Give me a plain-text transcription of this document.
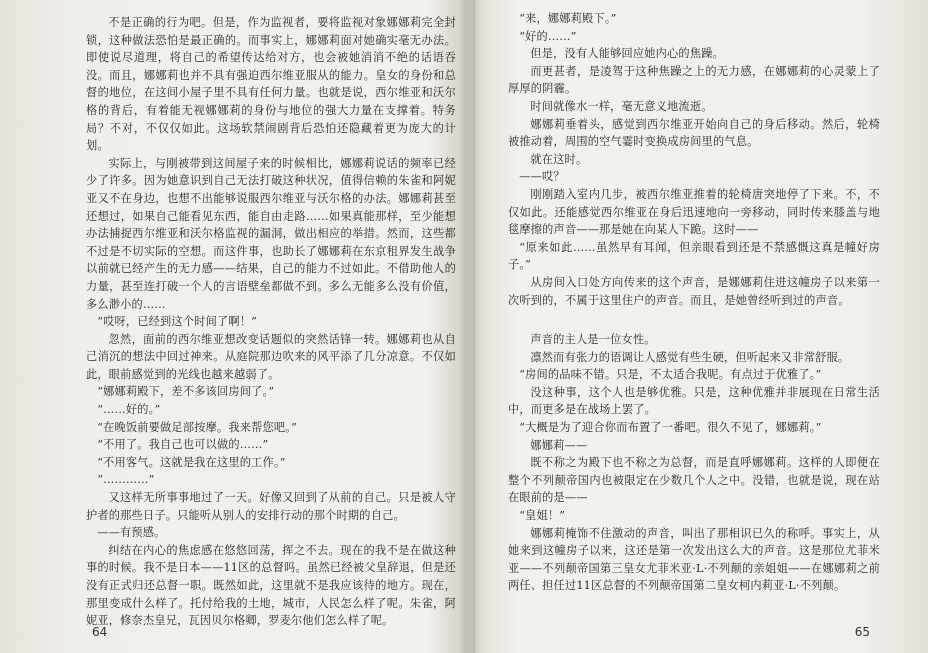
不是正确的行为吧。但是，作为监视者，要将监视对象娜娜莉完全封锁，这种做法恐怕是最正确的。而事实上，娜娜莉面对她确实毫无办法。即使说尽道理，将自己的希望传达给对方，也会被她消消不绝的话语吞没。而且，娜娜莉也并不具有强迫西尔维亚服从的能力。皇女的身份和总督的地位，在这间小屋子里不具有任何力量。也就是说，西尔维亚和沃尔格的背后，有着能无视娜娜莉的身份与地位的强大力量在支撑着。特务局？不对，不仅仅如此。这场软禁闹剧背后恐怕还隐藏着更为庞大的计划。

实际上，与刚被带到这间屋子来的时候相比，娜娜莉说话的频率已经少了许多。因为她意识到自己无法打破这种状况，值得信赖的朱雀和阿妮亚又不在身边，也想不出能够说服西尔维亚与沃尔格的办法。娜娜莉甚至还想过，如果自己能看见东西，能自由走路……如果真能那样，至少能想办法捕捉西尔维亚和沃尔格监视的漏洞，做出相应的举措。然而，这些都不过是不切实际的空想。而这件事，也助长了娜娜莉在东京租界发生战争以前就已经产生的无力感——结果，自己的能力不过如此。不借助他人的力量，甚至连打破一个人的言语壁垒都做不到。多么无能多么没有价值，多么渺小的……

“哎呀，已经到这个时间了啊！”

忽然，面前的西尔维亚想改变话题似的突然话锋一转。娜娜莉也从自己消沉的想法中回过神来。从庭院那边吹来的风平添了几分凉意。不仅如此，眼前感觉到的光线也越来越弱了。

“娜娜莉殿下，差不多该回房间了。”

“……好的。”

“在晚饭前要做足部按摩。我来帮您吧。”

“不用了。我自己也可以做的……”

“不用客气。这就是我在这里的工作。”

“…………”

又这样无所事事地过了一天。好像又回到了从前的自己。只是被人守护者的那些日子。只能听从别人的安排行动的那个时期的自己。

——有预感。

纠结在内心的焦虑感在悠悠回荡，挥之不去。现在的我不是在做这种事的时候。我不是日本——11区的总督吗。虽然已经被父皇辞退，但是还没有正式归还总督一职。既然如此，这里就不是我应该待的地方。现在，那里变成什么样了。托付给我的土地，城市，人民怎么样了呢。朱雀，阿妮亚，修奈杰皇兄，瓦因贝尔格卿，罗麦尔他们怎么样了呢。

64

“来，娜娜莉殿下。”

“好的……”

但是，没有人能够回应她内心的焦躁。

而更甚者，是凌驾于这种焦躁之上的无力感，在娜娜莉的心灵蒙上了厚厚的阴霾。

时间就像水一样，毫无意义地流逝。

娜娜莉垂着头，感觉到西尔维亚开始向自己的身后移动。然后，轮椅被推动着，周围的空气霎时变换成房间里的气息。

就在这时。

——哎？

刚刚踏入室内几步，被西尔维亚推着的轮椅唐突地停了下来。不，不仅如此。还能感觉西尔维亚在身后迅速地向一旁移动，同时传来膝盖与地毯摩擦的声音——那是她在向某人下跪。这时——

“原来如此……虽然早有耳闻，但亲眼看到还是不禁感慨这真是幢好房子。”

从房间入口处方向传来的这个声音，是娜娜莉住进这幢房子以来第一次听到的，不属于这里住户的声音。而且，是她曾经听到过的声音。

声音的主人是一位女性。

凛然而有张力的语调让人感觉有些生硬，但听起来又非常舒服。

“房间的品味不错。只是，不太适合我呢。有点过于优雅了。”

没这种事，这个人也是够优雅。只是，这种优雅并非展现在日常生活中，而更多是在战场上罢了。

“大概是为了迎合你而布置了一番吧。很久不见了，娜娜莉。”

娜娜莉——

既不称之为殿下也不称之为总督，而是直呼娜娜莉。这样的人即便在整个不列颠帝国内也被限定在少数几个人之中。没错，也就是说，现在站在眼前的是——

“皇姐！”

娜娜莉掩饰不住激动的声音，叫出了那相识已久的称呼。事实上，从她来到这幢房子以来，这还是第一次发出这么大的声音。这是那位尤菲米亚——不列颠帝国第三皇女尤菲米亚·L·不列颠的亲姐姐——在娜娜莉之前两任、担任过11区总督的不列颠帝国第二皇女柯内莉亚·L·不列颠。

65
